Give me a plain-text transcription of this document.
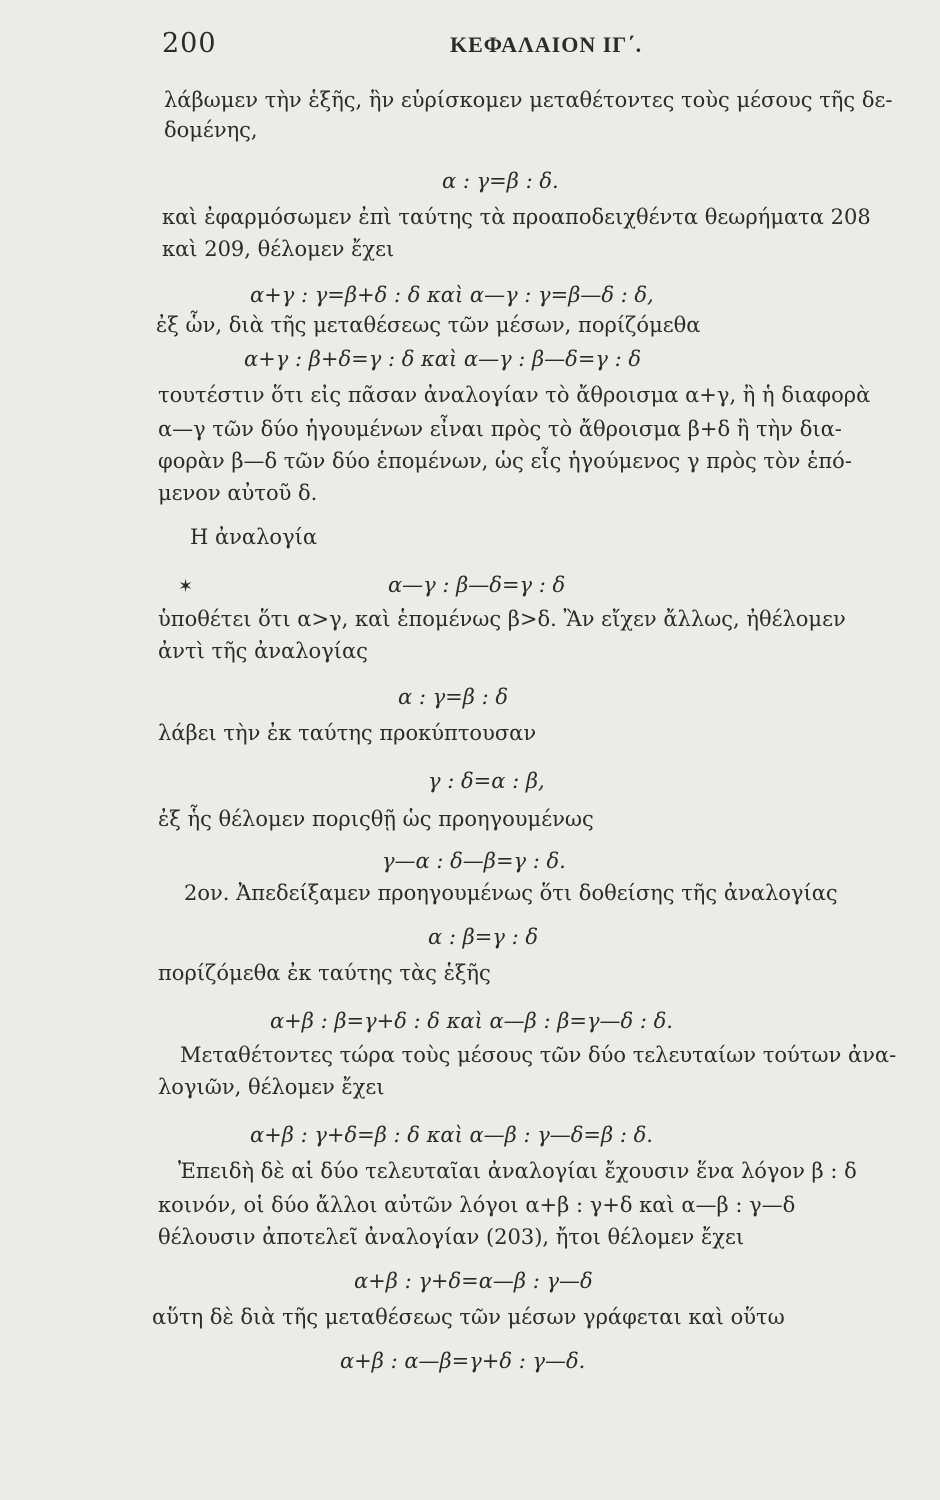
200	ΚΕΦΑΛΑΙΟΝ ΙΓ΄.
λάβωμεν τὴν ἑξῆς, ἣν εὑρίσκομεν μεταθέτοντες τοὺς μέσους τῆς δε-
δομένης,
α : γ=β : δ.
καὶ ἐφαρμόσωμεν ἐπὶ ταύτης τὰ προαποδειχθέντα θεωρήματα 208
καὶ 209, θέλομεν ἔχει
α+γ : γ=β+δ : δ καὶ α—γ : γ=β—δ : δ,
ἐξ ὧν, διὰ τῆς μεταθέσεως τῶν μέσων, πορίζόμεθα
α+γ : β+δ=γ : δ καὶ α—γ : β—δ=γ : δ
τουτέστιν ὅτι εἰς πᾶσαν ἀναλογίαν τὸ ἄθροισμα α+γ, ἢ ἡ διαφορὰ
α—γ τῶν δύο ἡγουμένων εἶναι πρὸς τὸ ἄθροισμα β+δ ἢ τὴν δια-
φορὰν β—δ τῶν δύο ἑπομένων, ὡς εἷς ἡγούμενος γ πρὸς τὸν ἑπό-
μενον αὐτοῦ δ.
Η ἀναλογία
✶	α—γ : β—δ=γ : δ
ὑποθέτει ὅτι α>γ, καὶ ἑπομένως β>δ. Ἂν εἴχεν ἄλλως, ἠθέλομεν
ἀντὶ τῆς ἀναλογίας
α : γ=β : δ
λάβει τὴν ἐκ ταύτης προκύπτουσαν
γ : δ=α : β,
ἐξ ἧς θέλομεν ποριςθῇ ὡς προηγουμένως
γ—α : δ—β=γ : δ.
2ον. Ἀπεδείξαμεν προηγουμένως ὅτι δοθείσης τῆς ἀναλογίας
α : β=γ : δ
πορίζόμεθα ἐκ ταύτης τὰς ἑξῆς
α+β : β=γ+δ : δ καὶ α—β : β=γ—δ : δ.
Μεταθέτοντες τώρα τοὺς μέσους τῶν δύο τελευταίων τούτων ἀνα-
λογιῶν, θέλομεν ἔχει
α+β : γ+δ=β : δ καὶ α—β : γ—δ=β : δ.
Ἐπειδὴ δὲ αἱ δύο τελευταῖαι ἀναλογίαι ἔχουσιν ἕνα λόγον β : δ
κοινόν, οἱ δύο ἄλλοι αὐτῶν λόγοι α+β : γ+δ καὶ α—β : γ—δ
θέλουσιν ἀποτελεῖ ἀναλογίαν (203), ἤτοι θέλομεν ἔχει
α+β : γ+δ=α—β : γ—δ
αὕτη δὲ διὰ τῆς μεταθέσεως τῶν μέσων γράφεται καὶ οὕτω
α+β : α—β=γ+δ : γ—δ.
